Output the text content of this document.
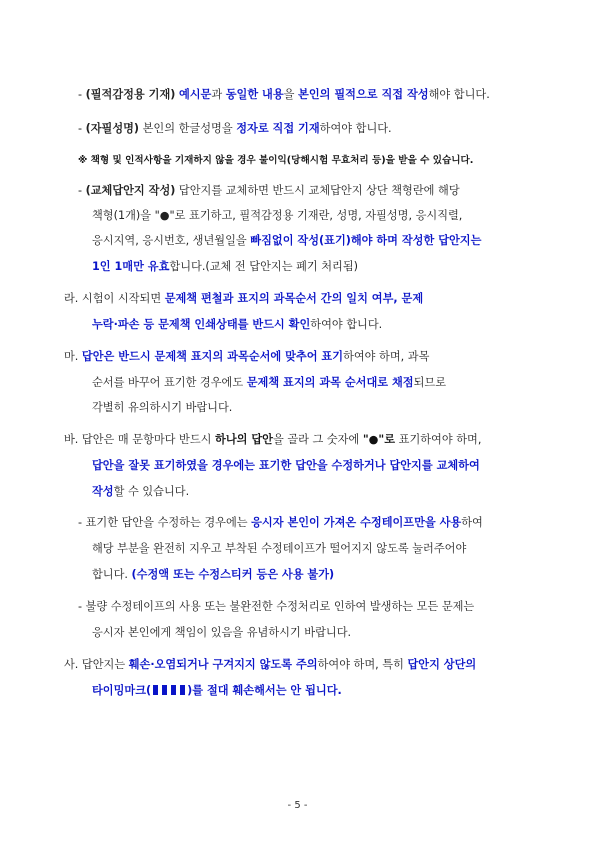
- (필적감정용 기재) 예시문과 동일한 내용을 본인의 필적으로 직접 작성해야 합니다.
- (자필성명) 본인의 한글성명을 정자로 직접 기재하여야 합니다.
※ 책형 및 인적사항을 기재하지 않을 경우 불이익(당해시험 무효처리 등)을 받을 수 있습니다.
- (교체답안지 작성) 답안지를 교체하면 반드시 교체답안지 상단 책형란에 해당
책형(1개)을 "●"로 표기하고, 필적감정용 기재란, 성명, 자필성명, 응시직렬,
응시지역, 응시번호, 생년월일을 빠짐없이 작성(표기)해야 하며 작성한 답안지는
1인 1매만 유효합니다.(교체 전 답안지는 폐기 처리됨)
라. 시험이 시작되면 문제책 편철과 표지의 과목순서 간의 일치 여부, 문제
누락·파손 등 문제책 인쇄상태를 반드시 확인하여야 합니다.
마. 답안은 반드시 문제책 표지의 과목순서에 맞추어 표기하여야 하며, 과목
순서를 바꾸어 표기한 경우에도 문제책 표지의 과목 순서대로 채점되므로
각별히 유의하시기 바랍니다.
바. 답안은 매 문항마다 반드시 하나의 답안을 골라 그 숫자에 "●"로 표기하여야 하며,
답안을 잘못 표기하였을 경우에는 표기한 답안을 수정하거나 답안지를 교체하여
작성할 수 있습니다.
- 표기한 답안을 수정하는 경우에는 응시자 본인이 가져온 수정테이프만을 사용하여
해당 부분을 완전히 지우고 부착된 수정테이프가 떨어지지 않도록 눌러주어야
합니다. (수정액 또는 수정스티커 등은 사용 불가)
- 불량 수정테이프의 사용 또는 불완전한 수정처리로 인하여 발생하는 모든 문제는
응시자 본인에게 책임이 있음을 유념하시기 바랍니다.
사. 답안지는 훼손·오염되거나 구겨지지 않도록 주의하여야 하며, 특히 답안지 상단의
타이밍마크(	)를 절대 훼손해서는 안 됩니다.
- 5 -
